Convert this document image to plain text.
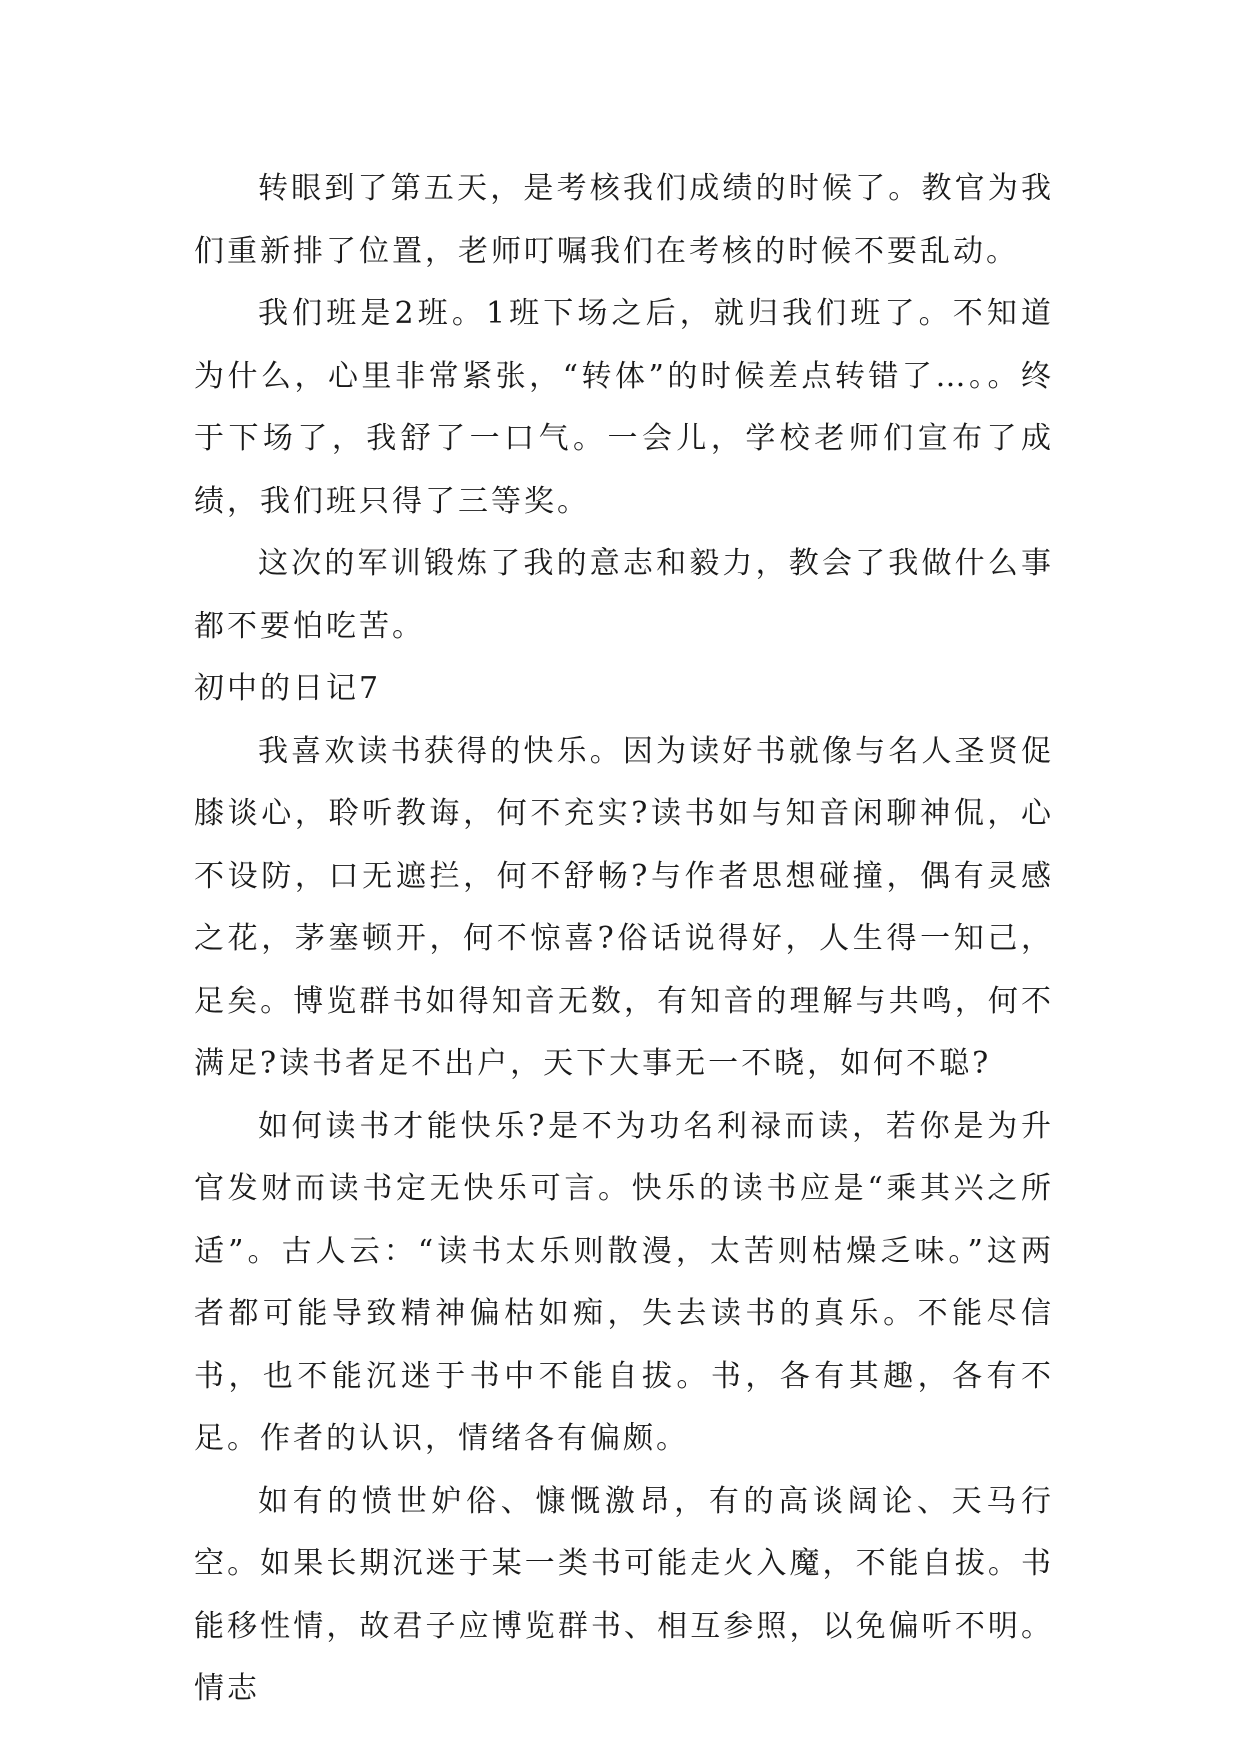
转眼到了第五天，是考核我们成绩的时候了。教官为我们重新排了位置，老师叮嘱我们在考核的时候不要乱动。

我们班是2班。1班下场之后，就归我们班了。不知道为什么，心里非常紧张，“转体”的时候差点转错了…。。终于下场了，我舒了一口气。一会儿，学校老师们宣布了成绩，我们班只得了三等奖。

这次的军训锻炼了我的意志和毅力，教会了我做什么事都不要怕吃苦。

初中的日记7

我喜欢读书获得的快乐。因为读好书就像与名人圣贤促膝谈心，聆听教诲，何不充实?读书如与知音闲聊神侃，心不设防，口无遮拦，何不舒畅?与作者思想碰撞，偶有灵感之花，茅塞顿开，何不惊喜?俗话说得好，人生得一知己，足矣。博览群书如得知音无数，有知音的理解与共鸣，何不满足?读书者足不出户，天下大事无一不晓，如何不聪?

如何读书才能快乐?是不为功名利禄而读，若你是为升官发财而读书定无快乐可言。快乐的读书应是“乘其兴之所适”。古人云：“读书太乐则散漫，太苦则枯燥乏味。”这两者都可能导致精神偏枯如痴，失去读书的真乐。不能尽信书，也不能沉迷于书中不能自拔。书，各有其趣，各有不足。作者的认识，情绪各有偏颇。

如有的愤世妒俗、慷慨激昂，有的高谈阔论、天马行空。如果长期沉迷于某一类书可能走火入魔，不能自拔。书能移性情，故君子应博览群书、相互参照，以免偏听不明。情志
